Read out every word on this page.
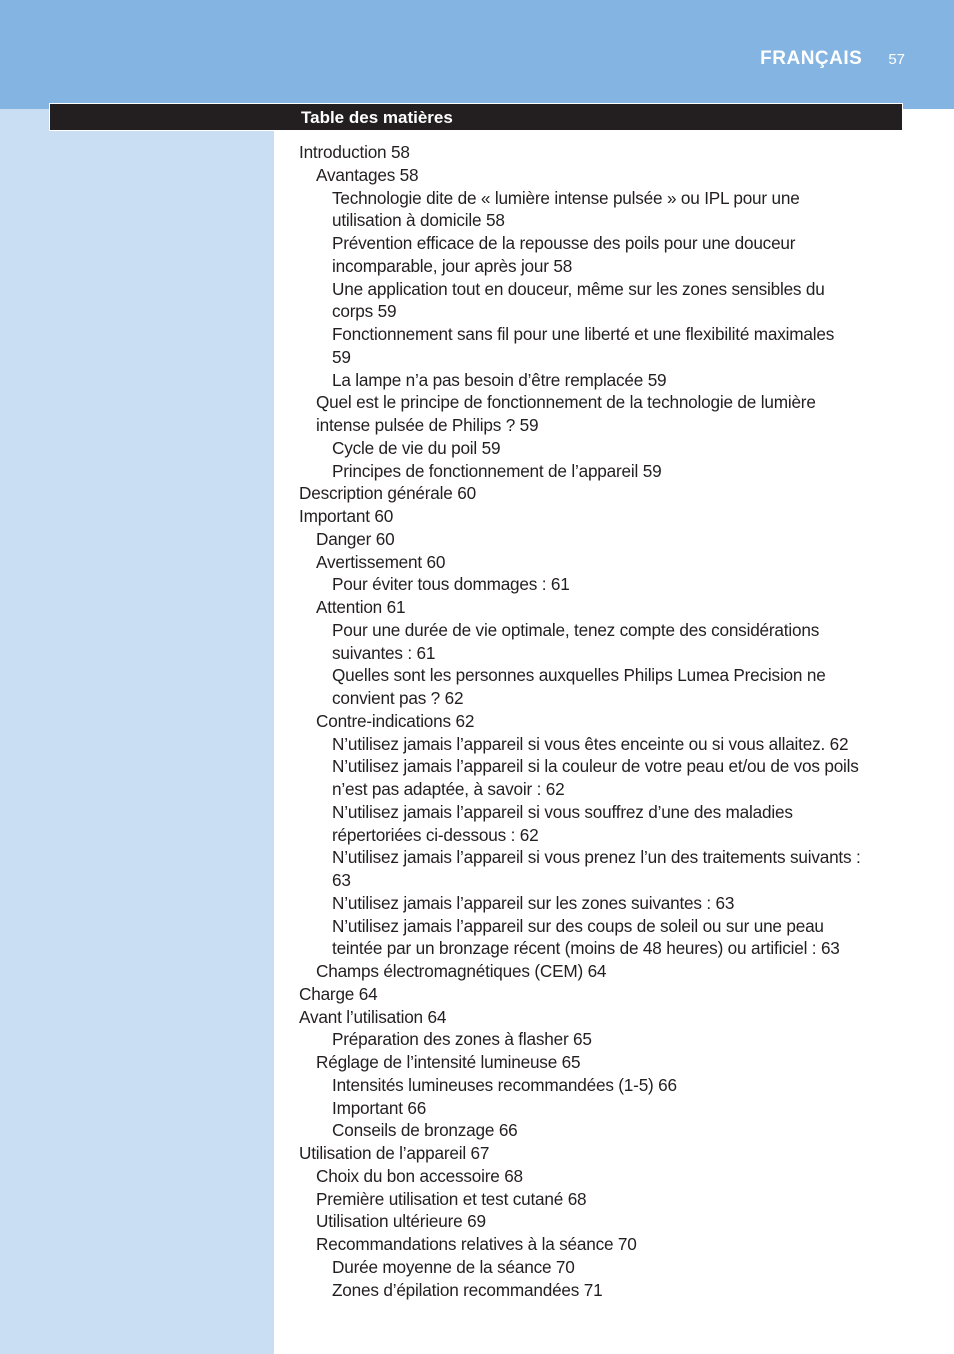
FRANÇAIS 57
Table des matières
Introduction 58
Avantages 58
Technologie dite de « lumière intense pulsée » ou IPL pour une
utilisation à domicile 58
Prévention efficace de la repousse des poils pour une douceur
incomparable, jour après jour 58
Une application tout en douceur, même sur les zones sensibles du
corps 59
Fonctionnement sans fil pour une liberté et une flexibilité maximales
59
La lampe n’a pas besoin d’être remplacée 59
Quel est le principe de fonctionnement de la technologie de lumière
intense pulsée de Philips ? 59
Cycle de vie du poil 59
Principes de fonctionnement de l’appareil 59
Description générale 60
Important 60
Danger 60
Avertissement 60
Pour éviter tous dommages : 61
Attention 61
Pour une durée de vie optimale, tenez compte des considérations
suivantes : 61
Quelles sont les personnes auxquelles Philips Lumea Precision ne
convient pas ? 62
Contre-indications 62
N’utilisez jamais l’appareil si vous êtes enceinte ou si vous allaitez. 62
N’utilisez jamais l’appareil si la couleur de votre peau et/ou de vos poils
n’est pas adaptée, à savoir : 62
N’utilisez jamais l’appareil si vous souffrez d’une des maladies
répertoriées ci-dessous : 62
N’utilisez jamais l’appareil si vous prenez l’un des traitements suivants :
63
N’utilisez jamais l’appareil sur les zones suivantes : 63
N’utilisez jamais l’appareil sur des coups de soleil ou sur une peau
teintée par un bronzage récent (moins de 48 heures) ou artificiel : 63
Champs électromagnétiques (CEM) 64
Charge 64
Avant l’utilisation 64
Préparation des zones à flasher 65
Réglage de l’intensité lumineuse 65
Intensités lumineuses recommandées (1-5) 66
Important 66
Conseils de bronzage 66
Utilisation de l’appareil 67
Choix du bon accessoire 68
Première utilisation et test cutané 68
Utilisation ultérieure 69
Recommandations relatives à la séance 70
Durée moyenne de la séance 70
Zones d’épilation recommandées 71
